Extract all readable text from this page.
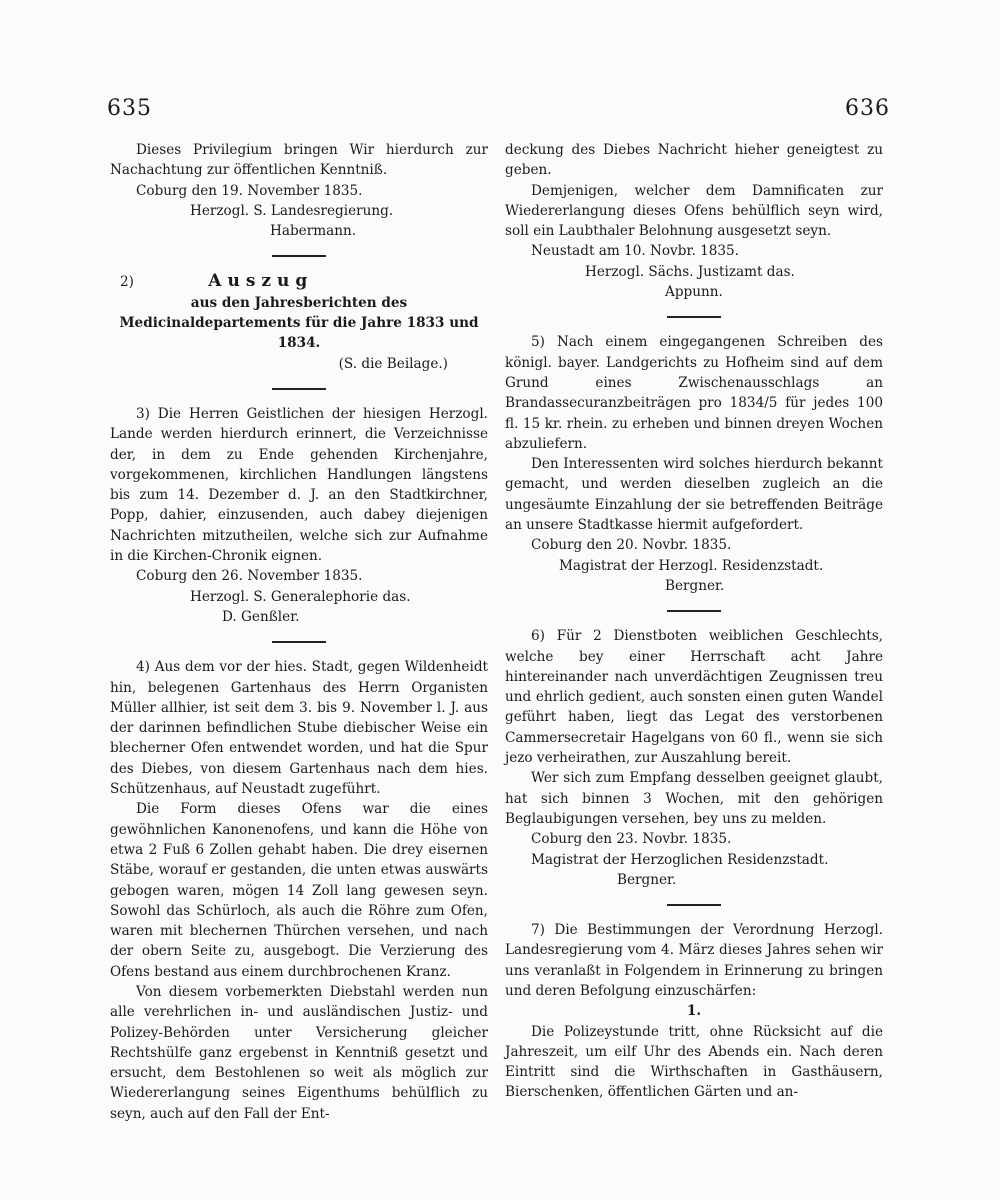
635	636

Dieses Privilegium bringen Wir hierdurch zur Nachachtung zur öffentlichen Kenntniß.

Coburg den 19. November 1835.

Herzogl. S. Landesregierung.

Habermann.

2)	Auszug

aus den Jahresberichten des Medicinaldepartements für die Jahre 1833 und 1834.

(S. die Beilage.)

3) Die Herren Geistlichen der hiesigen Herzogl. Lande werden hierdurch erinnert, die Verzeichnisse der, in dem zu Ende gehenden Kirchenjahre, vorgekommenen, kirchlichen Handlungen längstens bis zum 14. Dezember d. J. an den Stadtkirchner, Popp, dahier, einzusenden, auch dabey diejenigen Nachrichten mitzutheilen, welche sich zur Aufnahme in die Kirchen-Chronik eignen.

Coburg den 26. November 1835.

Herzogl. S. Generalephorie das.

D. Genßler.

4) Aus dem vor der hies. Stadt, gegen Wildenheidt hin, belegenen Gartenhaus des Herrn Organisten Müller allhier, ist seit dem 3. bis 9. November l. J. aus der darinnen befindlichen Stube diebischer Weise ein blecherner Ofen entwendet worden, und hat die Spur des Diebes, von diesem Gartenhaus nach dem hies. Schützenhaus, auf Neustadt zugeführt.

Die Form dieses Ofens war die eines gewöhnlichen Kanonenofens, und kann die Höhe von etwa 2 Fuß 6 Zollen gehabt haben. Die drey eisernen Stäbe, worauf er gestanden, die unten etwas auswärts gebogen waren, mögen 14 Zoll lang gewesen seyn. Sowohl das Schürloch, als auch die Röhre zum Ofen, waren mit blechernen Thürchen versehen, und nach der obern Seite zu, ausgebogt. Die Verzierung des Ofens bestand aus einem durchbrochenen Kranz.

Von diesem vorbemerkten Diebstahl werden nun alle verehrlichen in- und ausländischen Justiz- und Polizey-Behörden unter Versicherung gleicher Rechtshülfe ganz ergebenst in Kenntniß gesetzt und ersucht, dem Bestohlenen so weit als möglich zur Wiedererlangung seines Eigenthums behülflich zu seyn, auch auf den Fall der Ent-

deckung des Diebes Nachricht hieher geneigtest zu geben.

Demjenigen, welcher dem Damnificaten zur Wiedererlangung dieses Ofens behülflich seyn wird, soll ein Laubthaler Belohnung ausgesetzt seyn.

Neustadt am 10. Novbr. 1835.

Herzogl. Sächs. Justizamt das.

Appunn.

5) Nach einem eingegangenen Schreiben des königl. bayer. Landgerichts zu Hofheim sind auf dem Grund eines Zwischenausschlags an Brandassecuranzbeiträgen pro 1834/5 für jedes 100 fl. 15 kr. rhein. zu erheben und binnen dreyen Wochen abzuliefern.

Den Interessenten wird solches hierdurch bekannt gemacht, und werden dieselben zugleich an die ungesäumte Einzahlung der sie betreffenden Beiträge an unsere Stadtkasse hiermit aufgefordert.

Coburg den 20. Novbr. 1835.

Magistrat der Herzogl. Residenzstadt.

Bergner.

6) Für 2 Dienstboten weiblichen Geschlechts, welche bey einer Herrschaft acht Jahre hintereinander nach unverdächtigen Zeugnissen treu und ehrlich gedient, auch sonsten einen guten Wandel geführt haben, liegt das Legat des verstorbenen Cammersecretair Hagelgans von 60 fl., wenn sie sich jezo verheirathen, zur Auszahlung bereit.

Wer sich zum Empfang desselben geeignet glaubt, hat sich binnen 3 Wochen, mit den gehörigen Beglaubigungen versehen, bey uns zu melden.

Coburg den 23. Novbr. 1835.

Magistrat der Herzoglichen Residenzstadt.

Bergner.

7) Die Bestimmungen der Verordnung Herzogl. Landesregierung vom 4. März dieses Jahres sehen wir uns veranlaßt in Folgendem in Erinnerung zu bringen und deren Befolgung einzuschärfen:

1.

Die Polizeystunde tritt, ohne Rücksicht auf die Jahreszeit, um eilf Uhr des Abends ein. Nach deren Eintritt sind die Wirthschaften in Gasthäusern, Bierschenken, öffentlichen Gärten und an-
